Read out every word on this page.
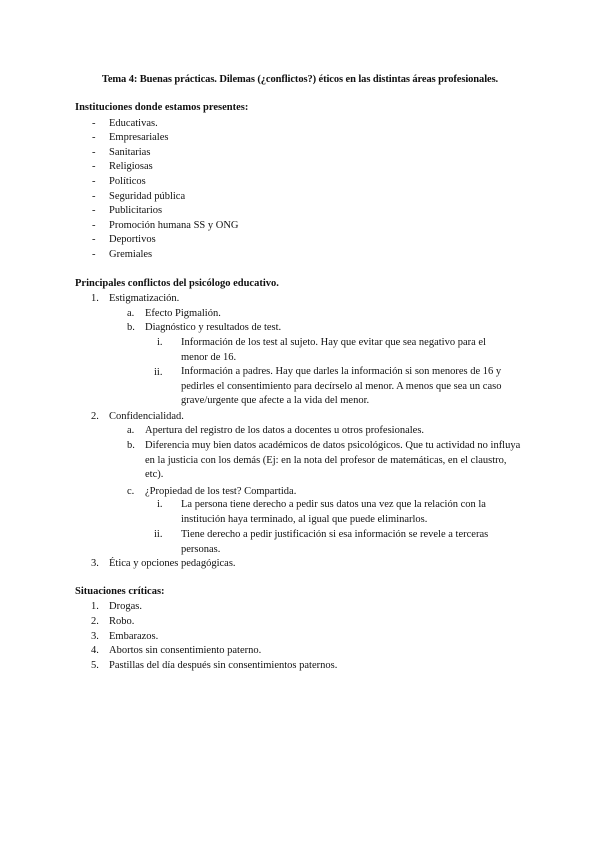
Tema 4: Buenas prácticas. Dilemas (¿conflictos?) éticos en las distintas áreas profesionales.
Instituciones donde estamos presentes:
- Educativas.
- Empresariales
- Sanitarias
- Religiosas
- Políticos
- Seguridad pública
- Publicitarios
- Promoción humana SS y ONG
- Deportivos
- Gremiales
Principales conflictos del psicólogo educativo.
1. Estigmatización.
a. Efecto Pigmalión.
b. Diagnóstico y resultados de test.
i. Información de los test al sujeto. Hay que evitar que sea negativo para el menor de 16.
ii. Información a padres. Hay que darles la información si son menores de 16 y pedirles el consentimiento para decírselo al menor. A menos que sea un caso grave/urgente que afecte a la vida del menor.
2. Confidencialidad.
a. Apertura del registro de los datos a docentes u otros profesionales.
b. Diferencia muy bien datos académicos de datos psicológicos. Que tu actividad no influya en la justicia con los demás (Ej: en la nota del profesor de matemáticas, en el claustro, etc).
c. ¿Propiedad de los test? Compartida.
i. La persona tiene derecho a pedir sus datos una vez que la relación con la institución haya terminado, al igual que puede eliminarlos.
ii. Tiene derecho a pedir justificación si esa información se revele a terceras personas.
3. Ética y opciones pedagógicas.
Situaciones críticas:
1. Drogas.
2. Robo.
3. Embarazos.
4. Abortos sin consentimiento paterno.
5. Pastillas del día después sin consentimientos paternos.
